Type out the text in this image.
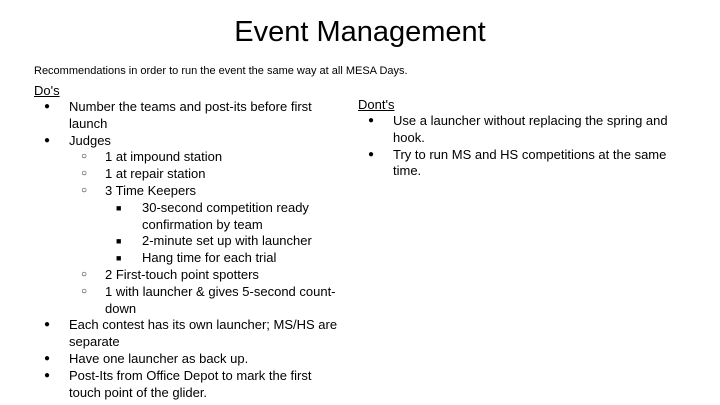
Event Management
Recommendations in order to run the event the same way at all MESA Days.
Do's
● Number the teams and post-its before first launch
● Judges
○ 1 at impound station
○ 1 at repair station
○ 3 Time Keepers
■ 30-second competition ready confirmation by team
■ 2-minute set up with launcher
■ Hang time for each trial
○ 2 First-touch point spotters
○ 1 with launcher & gives 5-second count-down
● Each contest has its own launcher; MS/HS are separate
● Have one launcher as back up.
● Post-Its from Office Depot to mark the first touch point of the glider.
Dont's
● Use a launcher without replacing the spring and hook.
● Try to run MS and HS competitions at the same time.
